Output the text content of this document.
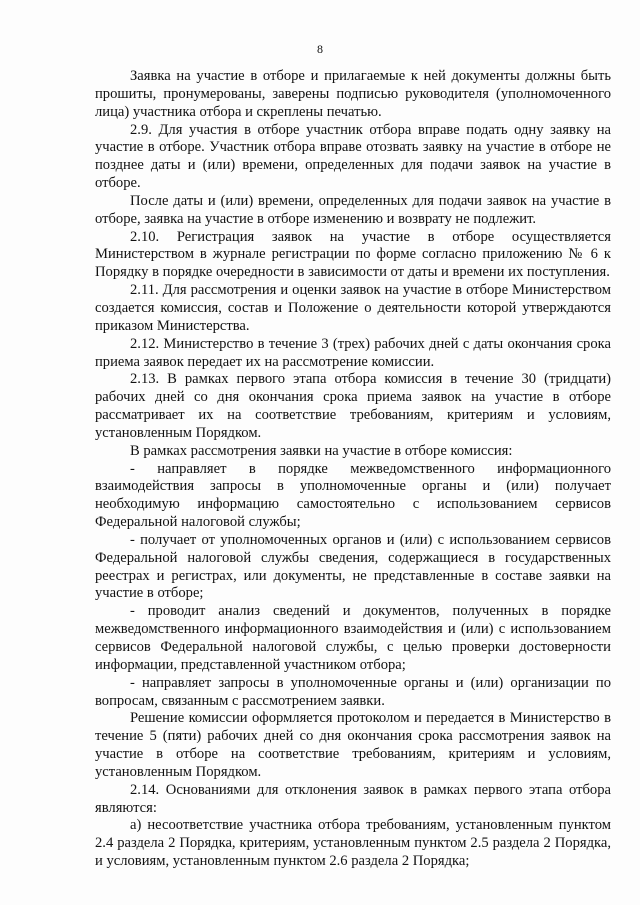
8

Заявка на участие в отборе и прилагаемые к ней документы должны быть прошиты, пронумерованы, заверены подписью руководителя (уполномоченного лица) участника отбора и скреплены печатью.

2.9. Для участия в отборе участник отбора вправе подать одну заявку на участие в отборе. Участник отбора вправе отозвать заявку на участие в отборе не позднее даты и (или) времени, определенных для подачи заявок на участие в отборе.

После даты и (или) времени, определенных для подачи заявок на участие в отборе, заявка на участие в отборе изменению и возврату не подлежит.

2.10. Регистрация заявок на участие в отборе осуществляется Министерством в журнале регистрации по форме согласно приложению № 6 к Порядку в порядке очередности в зависимости от даты и времени их поступления.

2.11. Для рассмотрения и оценки заявок на участие в отборе Министерством создается комиссия, состав и Положение о деятельности которой утверждаются приказом Министерства.

2.12. Министерство в течение 3 (трех) рабочих дней с даты окончания срока приема заявок передает их на рассмотрение комиссии.

2.13. В рамках первого этапа отбора комиссия в течение 30 (тридцати) рабочих дней со дня окончания срока приема заявок на участие в отборе рассматривает их на соответствие требованиям, критериям и условиям, установленным Порядком.

В рамках рассмотрения заявки на участие в отборе комиссия:

- направляет в порядке межведомственного информационного взаимодействия запросы в уполномоченные органы и (или) получает необходимую информацию самостоятельно с использованием сервисов Федеральной налоговой службы;

- получает от уполномоченных органов и (или) с использованием сервисов Федеральной налоговой службы сведения, содержащиеся в государственных реестрах и регистрах, или документы, не представленные в составе заявки на участие в отборе;

- проводит анализ сведений и документов, полученных в порядке межведомственного информационного взаимодействия и (или) с использованием сервисов Федеральной налоговой службы, с целью проверки достоверности информации, представленной участником отбора;

- направляет запросы в уполномоченные органы и (или) организации по вопросам, связанным с рассмотрением заявки.

Решение комиссии оформляется протоколом и передается в Министерство в течение 5 (пяти) рабочих дней со дня окончания срока рассмотрения заявок на участие в отборе на соответствие требованиям, критериям и условиям, установленным Порядком.

2.14. Основаниями для отклонения заявок в рамках первого этапа отбора являются:

а) несоответствие участника отбора требованиям, установленным пунктом 2.4 раздела 2 Порядка, критериям, установленным пунктом 2.5 раздела 2 Порядка, и условиям, установленным пунктом 2.6 раздела 2 Порядка;
